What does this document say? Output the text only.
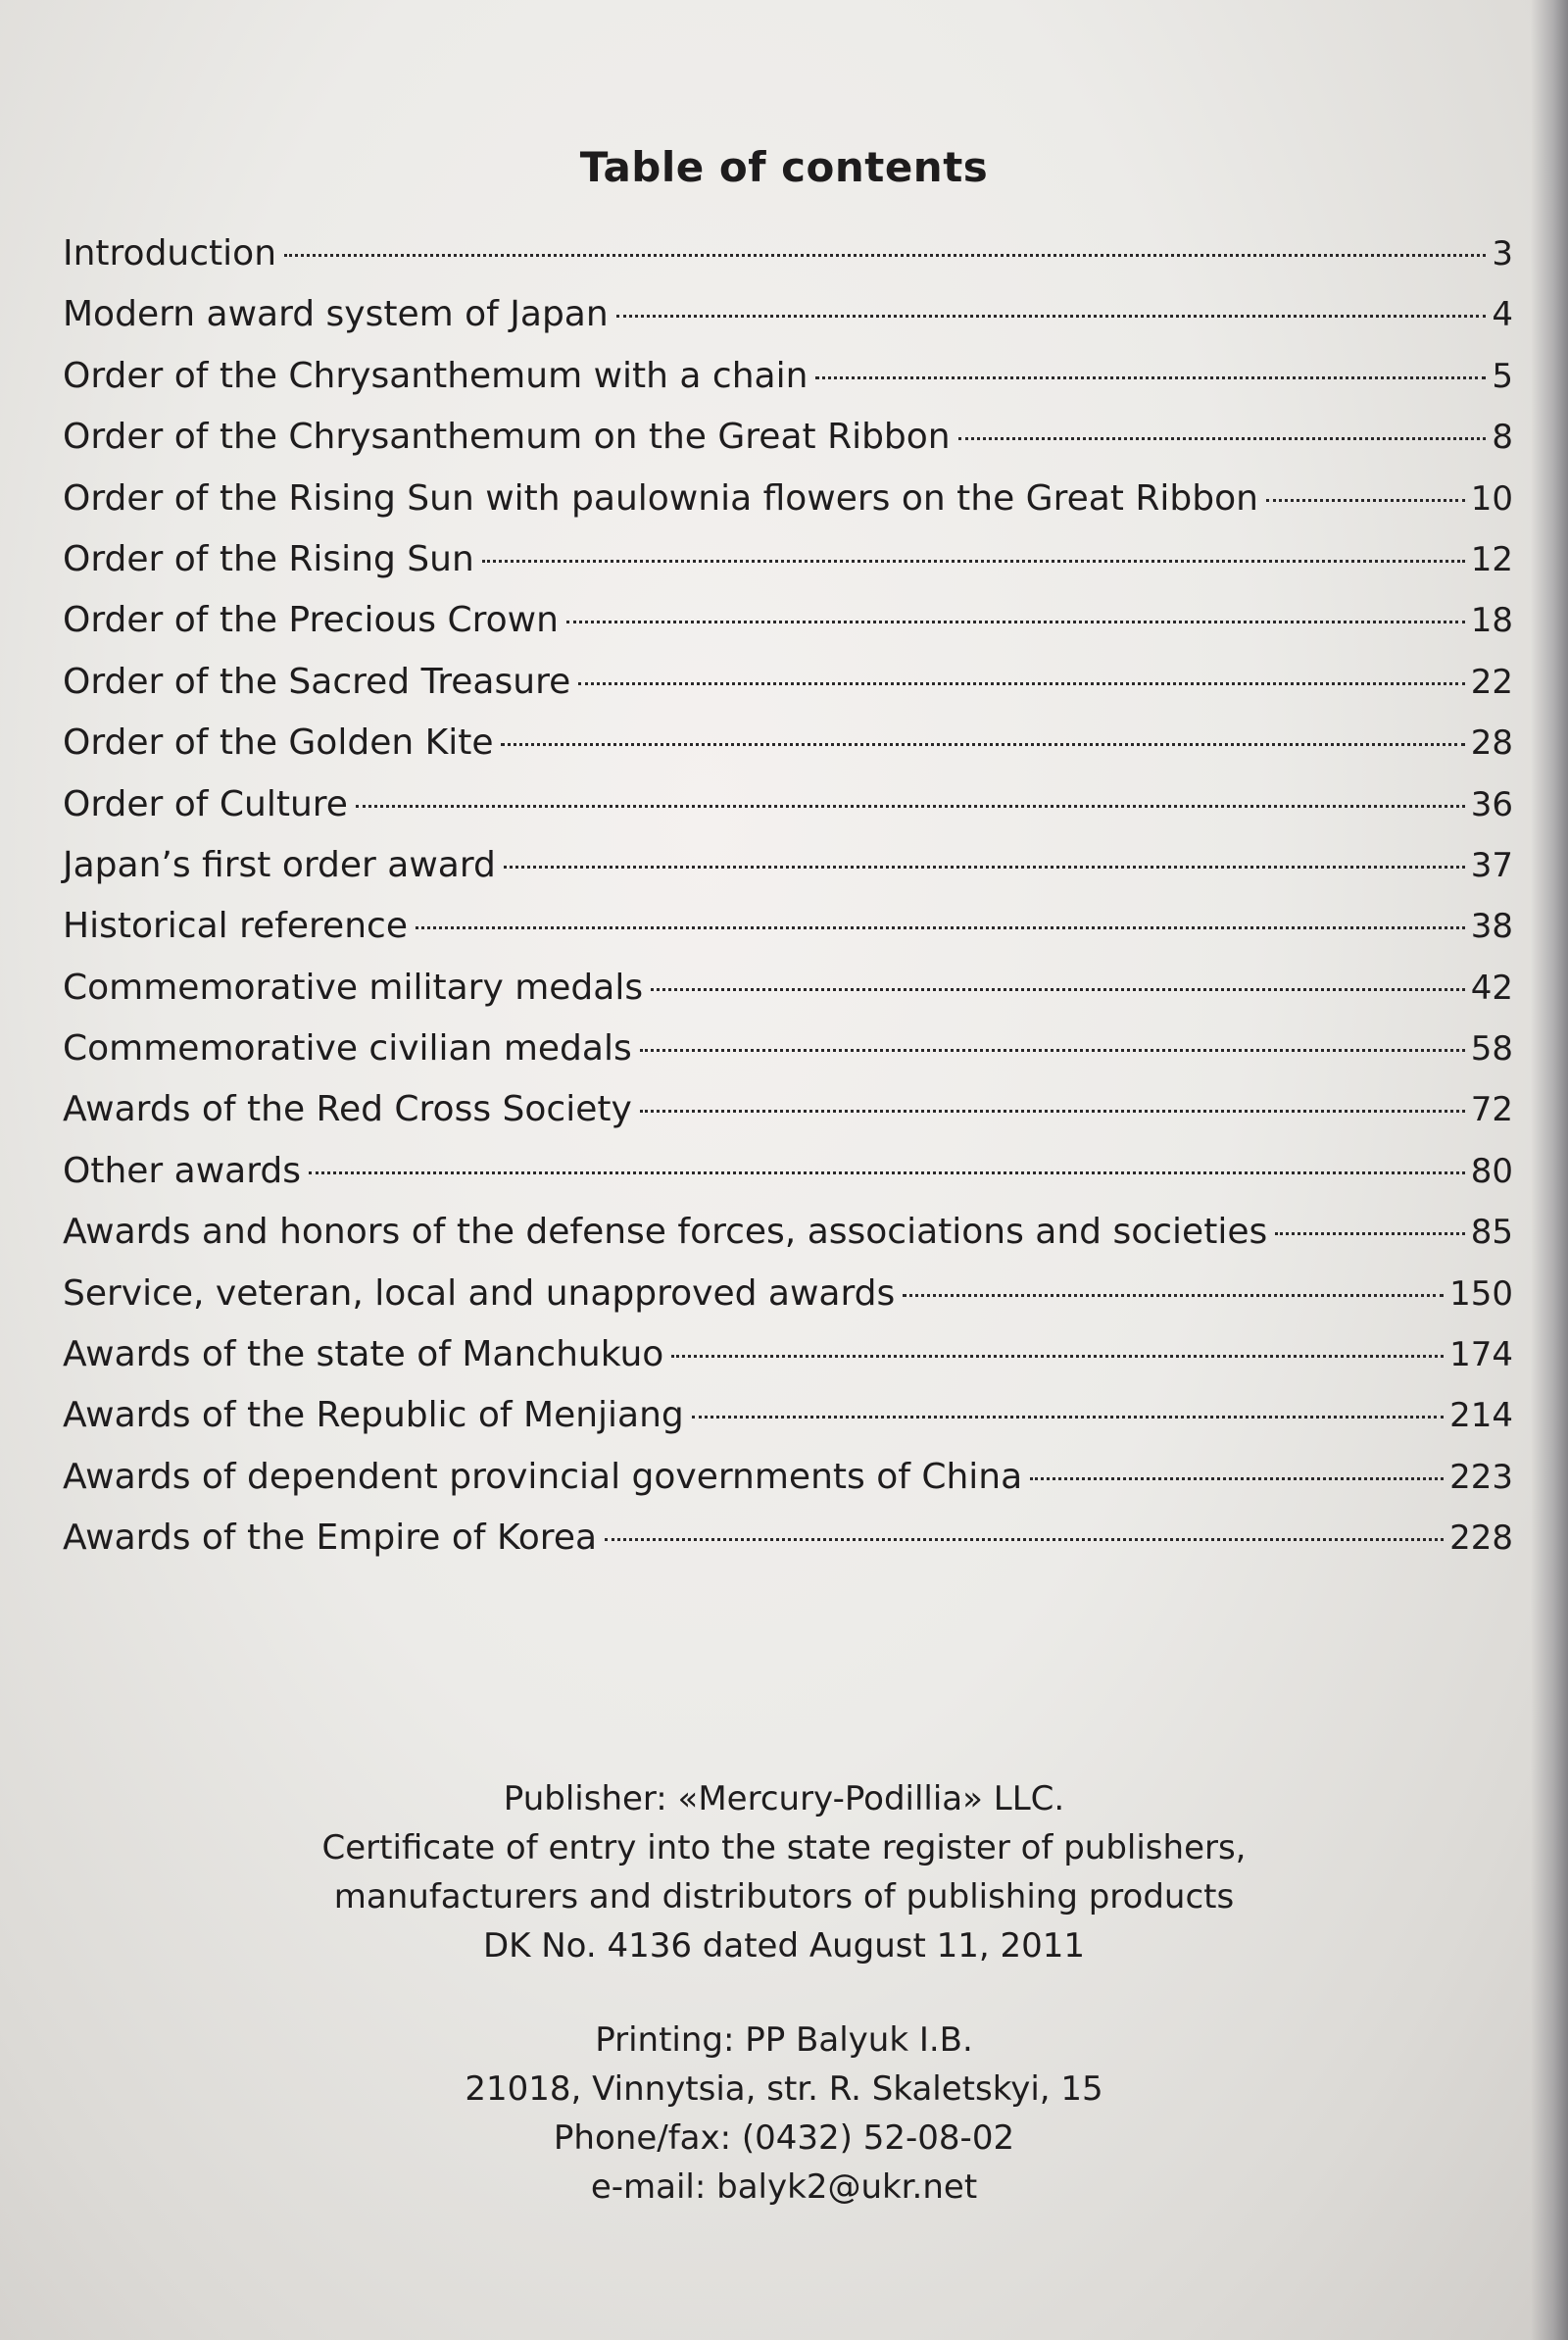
Table of contents
Introduction	3
Modern award system of Japan	4
Order of the Chrysanthemum with a chain	5
Order of the Chrysanthemum on the Great Ribbon	8
Order of the Rising Sun with paulownia flowers on the Great Ribbon	10
Order of the Rising Sun	12
Order of the Precious Crown	18
Order of the Sacred Treasure	22
Order of the Golden Kite	28
Order of Culture	36
Japan’s first order award	37
Historical reference	38
Commemorative military medals	42
Commemorative civilian medals	58
Awards of the Red Cross Society	72
Other awards	80
Awards and honors of the defense forces, associations and societies	85
Service, veteran, local and unapproved awards	150
Awards of the state of Manchukuo	174
Awards of the Republic of Menjiang	214
Awards of dependent provincial governments of China	223
Awards of the Empire of Korea	228
Publisher: «Mercury-Podillia» LLC.
Certificate of entry into the state register of publishers,
manufacturers and distributors of publishing products
DK No. 4136 dated August 11, 2011
Printing: PP Balyuk I.B.
21018, Vinnytsia, str. R. Skaletskyi, 15
Phone/fax: (0432) 52-08-02
e-mail: balyk2@ukr.net
